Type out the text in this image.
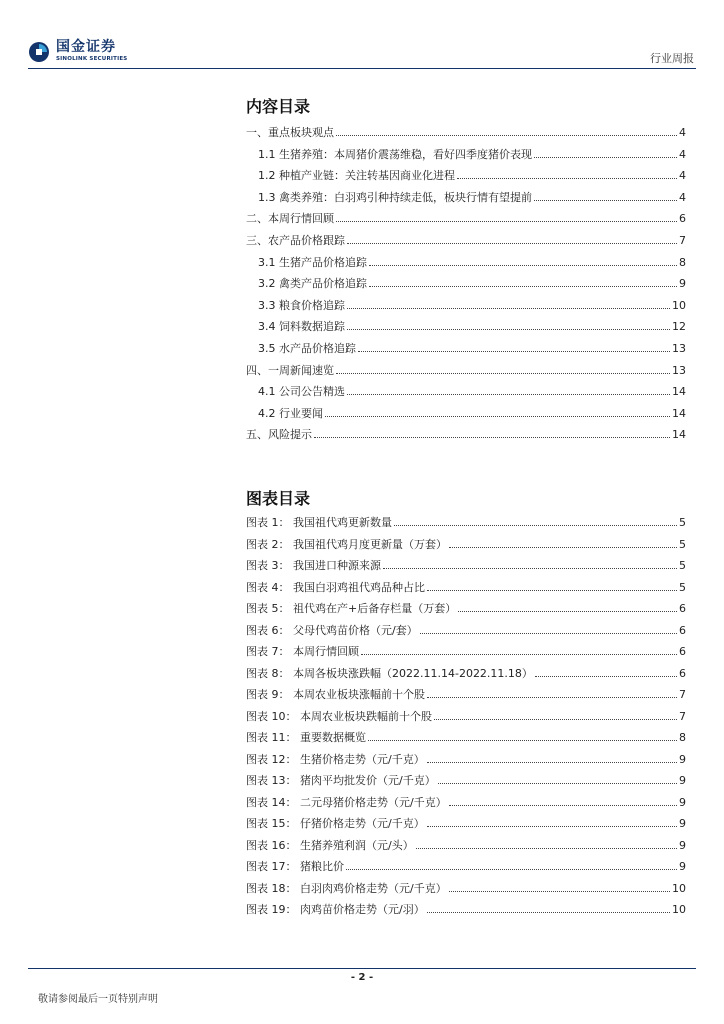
国金证券
SINOLINK SECURITIES	行业周报
内容目录
一、重点板块观点	4
1.1 生猪养殖：本周猪价震荡维稳，看好四季度猪价表现	4
1.2 种植产业链：关注转基因商业化进程	4
1.3 禽类养殖：白羽鸡引种持续走低，板块行情有望提前	4
二、本周行情回顾	6
三、农产品价格跟踪	7
3.1 生猪产品价格追踪	8
3.2 禽类产品价格追踪	9
3.3 粮食价格追踪	10
3.4 饲料数据追踪	12
3.5 水产品价格追踪	13
四、一周新闻速览	13
4.1 公司公告精选	14
4.2 行业要闻	14
五、风险提示	14
图表目录
图表 1： 我国祖代鸡更新数量	5
图表 2： 我国祖代鸡月度更新量（万套）	5
图表 3： 我国进口种源来源	5
图表 4： 我国白羽鸡祖代鸡品种占比	5
图表 5： 祖代鸡在产+后备存栏量（万套）	6
图表 6： 父母代鸡苗价格（元/套）	6
图表 7： 本周行情回顾	6
图表 8： 本周各板块涨跌幅（2022.11.14-2022.11.18）	6
图表 9： 本周农业板块涨幅前十个股	7
图表 10： 本周农业板块跌幅前十个股	7
图表 11： 重要数据概览	8
图表 12： 生猪价格走势（元/千克）	9
图表 13： 猪肉平均批发价（元/千克）	9
图表 14： 二元母猪价格走势（元/千克）	9
图表 15： 仔猪价格走势（元/千克）	9
图表 16： 生猪养殖利润（元/头）	9
图表 17： 猪粮比价	9
图表 18： 白羽肉鸡价格走势（元/千克）	10
图表 19： 肉鸡苗价格走势（元/羽）	10
- 2 -
敬请参阅最后一页特别声明
